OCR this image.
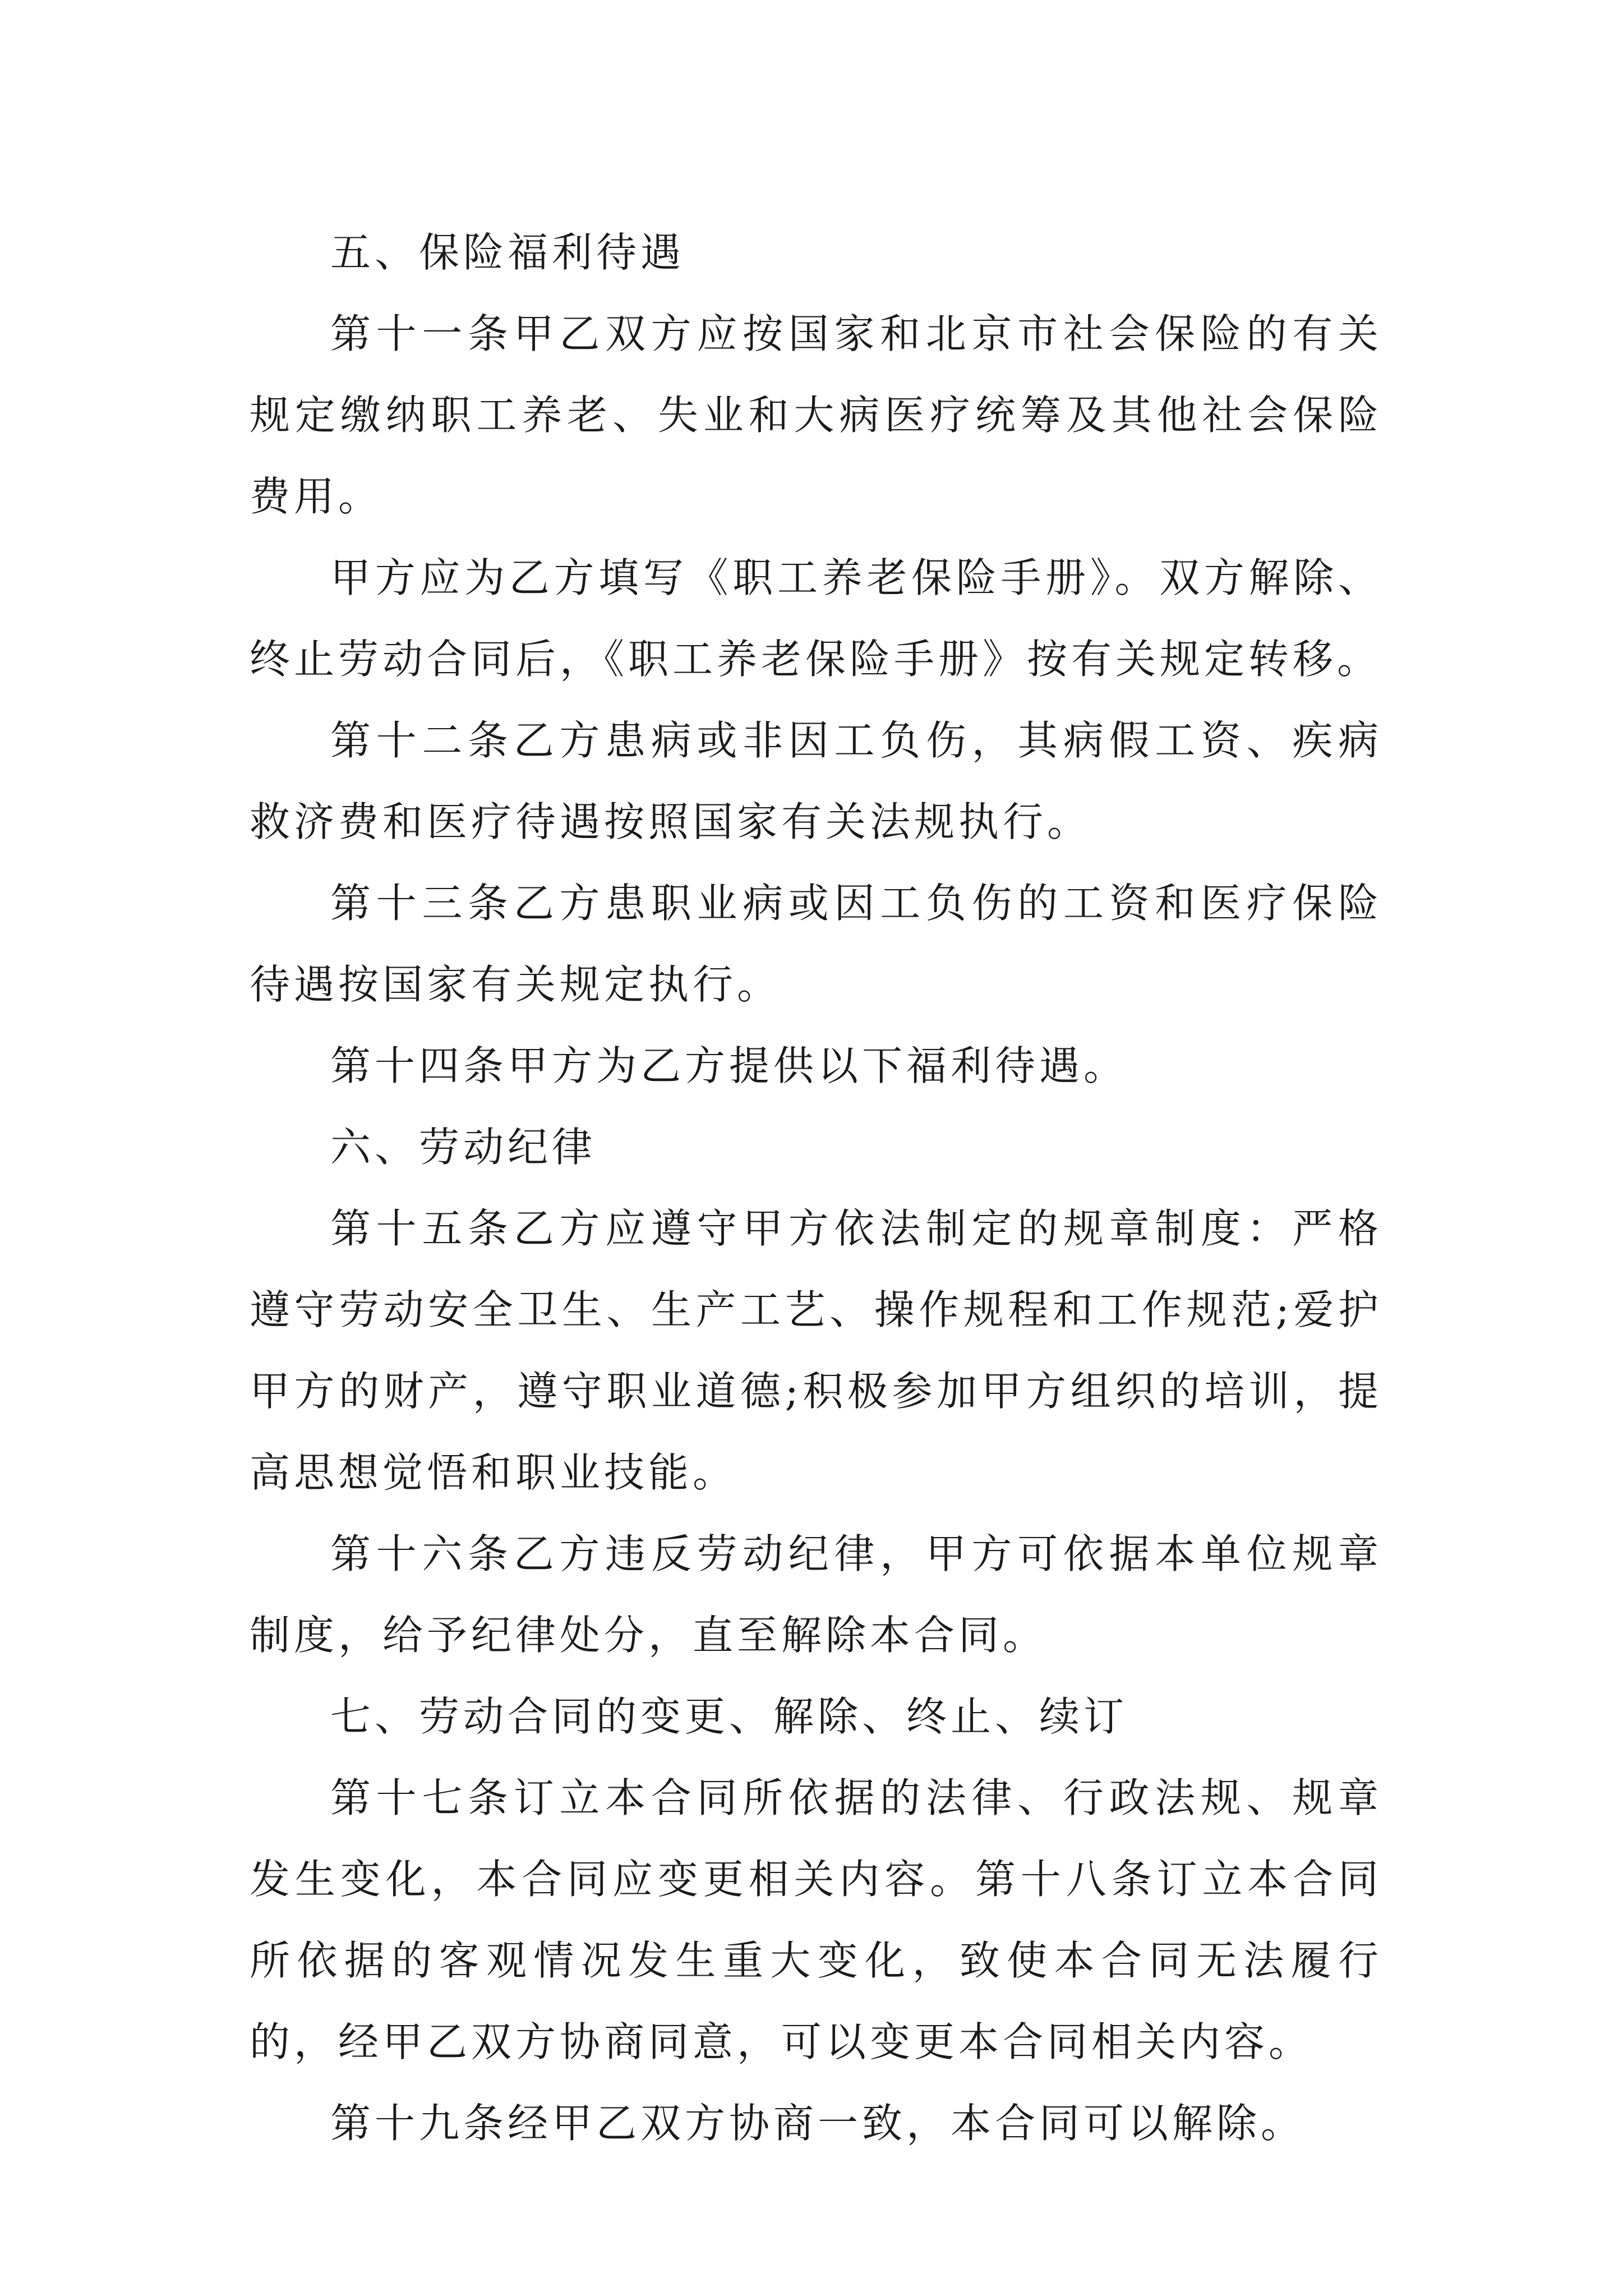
五、保险福利待遇

第十一条甲乙双方应按国家和北京市社会保险的有关规定缴纳职工养老、失业和大病医疗统筹及其他社会保险费用。

甲方应为乙方填写《职工养老保险手册》。双方解除、终止劳动合同后，《职工养老保险手册》按有关规定转移。

第十二条乙方患病或非因工负伤，其病假工资、疾病救济费和医疗待遇按照国家有关法规执行。

第十三条乙方患职业病或因工负伤的工资和医疗保险待遇按国家有关规定执行。

第十四条甲方为乙方提供以下福利待遇。

六、劳动纪律

第十五条乙方应遵守甲方依法制定的规章制度：严格遵守劳动安全卫生、生产工艺、操作规程和工作规范;爱护甲方的财产，遵守职业道德;积极参加甲方组织的培训，提高思想觉悟和职业技能。

第十六条乙方违反劳动纪律，甲方可依据本单位规章制度，给予纪律处分，直至解除本合同。

七、劳动合同的变更、解除、终止、续订

第十七条订立本合同所依据的法律、行政法规、规章发生变化，本合同应变更相关内容。第十八条订立本合同所依据的客观情况发生重大变化，致使本合同无法履行的，经甲乙双方协商同意，可以变更本合同相关内容。

第十九条经甲乙双方协商一致，本合同可以解除。
